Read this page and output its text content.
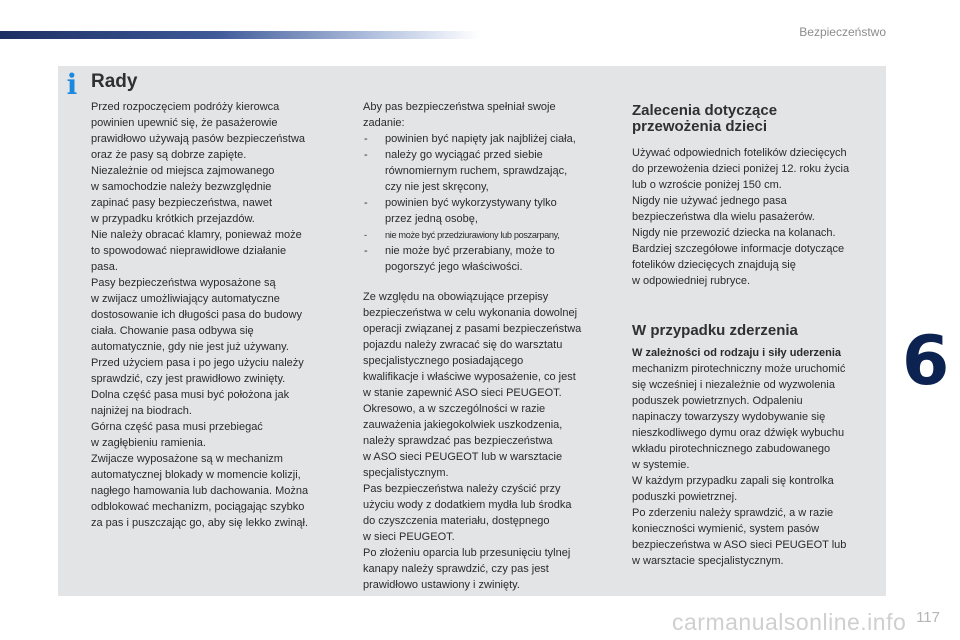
Bezpieczeństwo
i Rady

Przed rozpoczęciem podróży kierowca

powinien upewnić się, że pasażerowie

prawidłowo używają pasów bezpieczeństwa

oraz że pasy są dobrze zapięte.

Niezależnie od miejsca zajmowanego

w samochodzie należy bezwzględnie

zapinać pasy bezpieczeństwa, nawet

w przypadku krótkich przejazdów.

Nie należy obracać klamry, ponieważ może

to spowodować nieprawidłowe działanie

pasa.

Pasy bezpieczeństwa wyposażone są

w zwijacz umożliwiający automatyczne

dostosowanie ich długości pasa do budowy

ciała. Chowanie pasa odbywa się

automatycznie, gdy nie jest już używany.

Przed użyciem pasa i po jego użyciu należy

sprawdzić, czy jest prawidłowo zwinięty.

Dolna część pasa musi być położona jak

najniżej na biodrach.

Górna część pasa musi przebiegać

w zagłębieniu ramienia.

Zwijacze wyposażone są w mechanizm

automatycznej blokady w momencie kolizji,

nagłego hamowania lub dachowania. Można

odblokować mechanizm, pociągając szybko

za pas i puszczając go, aby się lekko zwinął.

Aby pas bezpieczeństwa spełniał swoje

zadanie:

- powinien być napięty jak najbliżej ciała,

- należy go wyciągać przed siebie

równomiernym ruchem, sprawdzając,

czy nie jest skręcony,

- powinien być wykorzystywany tylko

przez jedną osobę,

- nie może być przedziurawiony lub poszarpany,

- nie może być przerabiany, może to

pogorszyć jego właściwości.

Ze względu na obowiązujące przepisy

bezpieczeństwa w celu wykonania dowolnej

operacji związanej z pasami bezpieczeństwa

pojazdu należy zwracać się do warsztatu

specjalistycznego posiadającego

kwalifikacje i właściwe wyposażenie, co jest

w stanie zapewnić ASO sieci PEUGEOT.

Okresowo, a w szczególności w razie

zauważenia jakiegokolwiek uszkodzenia,

należy sprawdzać pas bezpieczeństwa

w ASO sieci PEUGEOT lub w warsztacie

specjalistycznym.

Pas bezpieczeństwa należy czyścić przy

użyciu wody z dodatkiem mydła lub środka

do czyszczenia materiału, dostępnego

w sieci PEUGEOT.

Po złożeniu oparcia lub przesunięciu tylnej

kanapy należy sprawdzić, czy pas jest

prawidłowo ustawiony i zwinięty.

Zalecenia dotyczące
przewożenia dzieci

Używać odpowiednich fotelików dziecięcych

do przewożenia dzieci poniżej 12. roku życia

lub o wzroście poniżej 150 cm.

Nigdy nie używać jednego pasa

bezpieczeństwa dla wielu pasażerów.

Nigdy nie przewozić dziecka na kolanach.

Bardziej szczegółowe informacje dotyczące

fotelików dziecięcych znajdują się

w odpowiedniej rubryce.

W przypadku zderzenia

W zależności od rodzaju i siły uderzenia

mechanizm pirotechniczny może uruchomić

się wcześniej i niezależnie od wyzwolenia

poduszek powietrznych. Odpaleniu

napinaczy towarzyszy wydobywanie się

nieszkodliwego dymu oraz dźwięk wybuchu

wkładu pirotechnicznego zabudowanego

w systemie.

W każdym przypadku zapali się kontrolka

poduszki powietrznej.

Po zderzeniu należy sprawdzić, a w razie

konieczności wymienić, system pasów

bezpieczeństwa w ASO sieci PEUGEOT lub

w warsztacie specjalistycznym.

6
carmanualsonline.info 117
